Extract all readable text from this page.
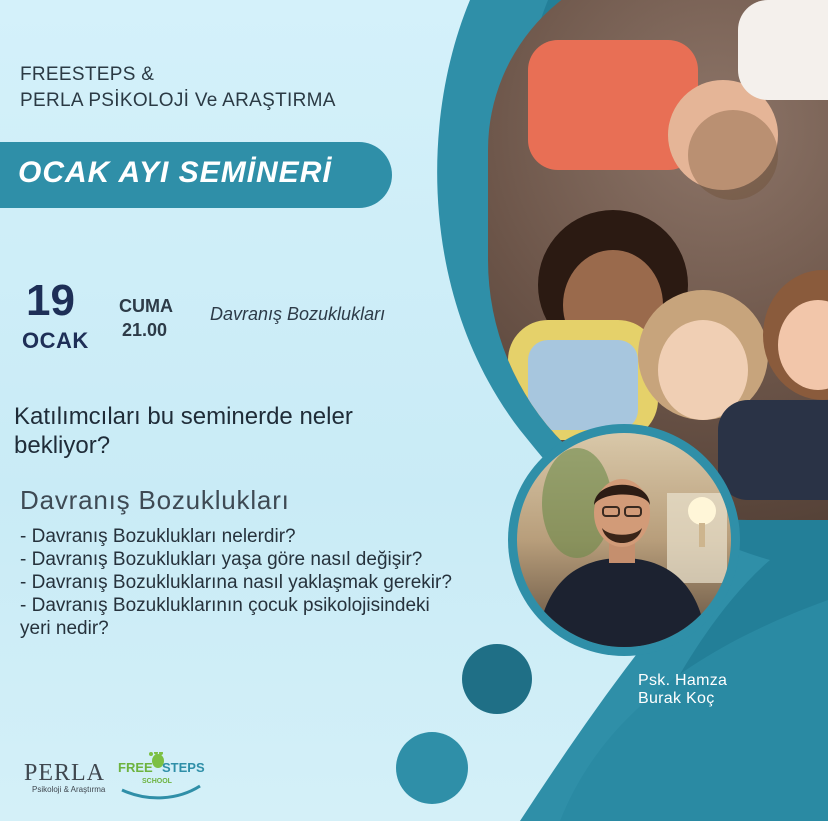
FREESTEPS &
PERLA PSİKOLOJİ Ve ARAŞTIRMA
OCAK AYI SEMİNERİ
19
OCAK
CUMA
21.00
Davranış Bozuklukları
Katılımcıları bu seminerde neler bekliyor?
Davranış Bozuklukları
- Davranış Bozuklukları nelerdir?
- Davranış Bozuklukları yaşa göre nasıl değişir?
- Davranış Bozukluklarına nasıl yaklaşmak gerekir?
- Davranış Bozukluklarının çocuk psikolojisindeki yeri nedir?
Psk. Hamza
Burak Koç
PERLA
Psikoloji & Araştırma
FREE STEPS
SCHOOL
